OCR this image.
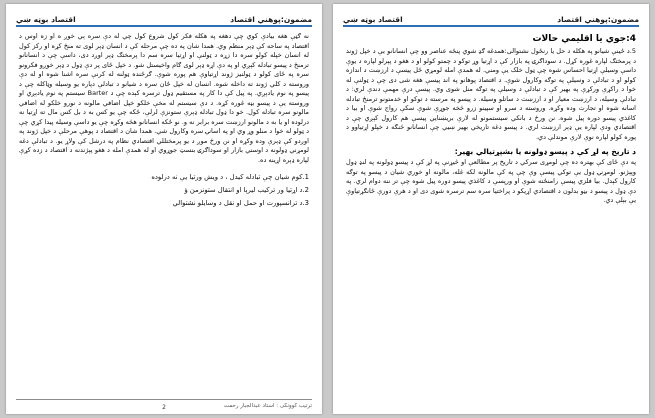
مضمون:پوهني اقتصاد
اقتصاد بوټه ښي

نه ګټې هغه بیادې کوي چې دهغه په هکله فکر کول شروع کول چي له دې سره ېي خوږ ه او زه اوس د اقتصاد په ساحه کې ډېر منظم وي. همدا شان په ده چې مرحله کې د انسان ډېر لوی ته منځ کړه او رکز کول له انسان خپله کولو سره دا زړه د ټولنې او اړتیا سره سم دا پرمختګ ډېر اوږد دی، داسې چې د انسانانو ترمنځ د پیسو تبادله کېږي او په دې اړه ډېر لوی ګام واخیستل شو. د خپل ځای پر دې ډول د ډېر خوږو فکرونو سره په ځای کولو د ټولنیز ژوند اړتیاوې هم پوره شوې. ګرځنده ټولنه له کرنې سره اشنا شوه او له دې وروسته د کلي ژوند ته داخله شوه. انسان له خپل ځان سره د شیانو د تبادلې دپاره یو وسیله وټاکله چې د پیسو په نوم یادېږي. په پیل کې دا کار په مستقیم ډول ترسره کېده چې د Barter سیستم په نوم یادېږي او وروسته یې د پیسو بڼه غوره کړه. د دې سیستم له مخې خلکو خپل اضافي مالونه د نورو خلکو له اضافي مالونو سره تبادله کول. خو دا ډول تبادله ډېرې ستونزې لرلې، ځکه چې یو کس به د بل کس مال ته اړتیا نه درلوده او یا به د مالونو ارزښت سره برابر نه و. نو ځکه انسانانو هڅه وکړه چې یو داسې وسیله پیدا کړي چې د ټولو له خوا د منلو وړ وي او په اسانۍ سره وکارول شي. همدا شان د اقتصاد د پوهې مرحلې د خپل ژوند په اوږدو کې ډېرې وده وکړه او نن ورځ موږ د یو پرمختللي اقتصادي نظام په درشل کې ولاړ یو. د تبادلې دغه لومړني ډولونه د اوسني بازار او سوداګرۍ بنسټ جوړوي او له همدې امله د هغو پېژندنه د اقتصاد د زده کړې لپاره ډېره اړینه ده.

1.کوم شیان چې تبادله کیدل ، د ویش ورتیا یې نه درلوده
2.د اړتیا ور ترکیب لیرېا او انتقال ستونزمن ؤ
3.د ترانسپورت او حمل او نقل د وسایلو نشتوالي
ترتیب کوونکی : استاد عبدالجبار رحمت
2
مضمون:پوهني اقتصاد
اقتصاد بوټه ښي
4:جوي یا اقلیمي حالات

5.د ځینې شیانو په هکله د حل یا رنځول نشتوالی:همدغه ګډ شوي پنځه عناصر وو چې انسانانو یې د خپل ژوند د پرمختګ لپاره غوره کړل. د سوداګرۍ په بازار کې د اړتیا وړ توکو د چمتو کولو او د هغو د پېرلو لپاره د یوې داسې وسیلې اړتیا احساس شوه چې ټول خلک یې ومني. له همدې امله لومړي ځل پیسې د ارزښت د اندازه کولو او د تبادلې د وسیلې په توګه وکارول شوې. د اقتصاد پوهانو په اند پیسې هغه شی دی چې د ټولنې له خوا د راکړې ورکړې په بهیر کې د تبادلې د وسیلې په توګه منل شوی وي. پیسې درې مهمې دندې لري: د تبادلې وسیله، د ارزښت معیار او د ارزښت د ساتلو وسیله. د پیسو په مرسته د توکو او خدمتونو ترمنځ تبادله اسانه شوه او تجارت وده وکړه. وروسته د سرو او سپینو زرو څخه جوړې شوې سکې رواج شوې او بیا د کاغذي پیسو دوره پیل شوه. نن ورځ د بانکي سیستمونو له لارې بریښنایي پیسې هم کارول کېږي چې د اقتصادي ودې لپاره یې ډېر ارزښت لري. د پیسو دغه تاریخي بهیر ښيي چې انسانانو څنګه د خپلو اړتیاوو د پوره کولو لپاره نوې لارې موندلې دي.

د تاریخ په لړ کې د پیسو ډولونه یا بشپړتیالي بهیر:

په دې ځای کې بهتره ده چې لومړی سرکي د تاریخ پر مطالعې او څیړنې په لړ کې د پیسو ډولونه په لنډ ډول وپېژنو. لومړنۍ ډول یې توکي پیسې وې چې په کې مالونه لکه غله، مالونه او خوري شیان د پیسو په توګه کارول کېدل. بیا فلزي پیسې رامنځته شوې او ورپسې د کاغذي پیسو دوره پیل شوه چې تر ننه دوام لري. په دې ډول د پیسو د بڼو بدلون د اقتصادي اړیکو د پراختیا سره سم ترسره شوی دی او د هرې دورې ځانګړتیاوې یې بېلې دي.
